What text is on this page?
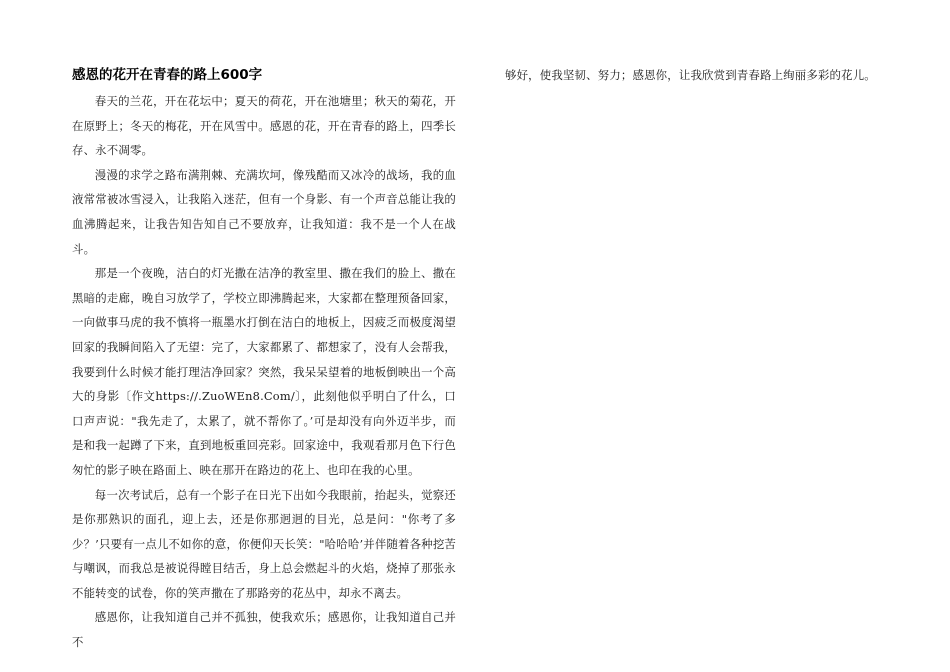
感恩的花开在青春的路上600字

春天的兰花，开在花坛中；夏天的荷花，开在池塘里；秋天的菊花，开在原野上；冬天的梅花，开在风雪中。感恩的花，开在青春的路上，四季长存、永不凋零。

漫漫的求学之路布满荆棘、充满坎坷，像残酷而又冰冷的战场，我的血液常常被冰雪浸入，让我陷入迷茫，但有一个身影、有一个声音总能让我的血沸腾起来，让我告知告知自己不要放弃，让我知道：我不是一个人在战斗。

那是一个夜晚，洁白的灯光撒在洁净的教室里、撒在我们的脸上、撒在黑暗的走廊，晚自习放学了，学校立即沸腾起来，大家都在整理预备回家，一向做事马虎的我不慎将一瓶墨水打倒在洁白的地板上，因疲乏而极度渴望回家的我瞬间陷入了无望：完了，大家都累了、都想家了，没有人会帮我，我要到什么时候才能打理洁净回家？突然，我呆呆望着的地板倒映出一个高大的身影〔作文https://.ZuoWEn8.Com/〕，此刻他似乎明白了什么，口口声声说："我先走了，太累了，就不帮你了。’可是却没有向外迈半步，而是和我一起蹲了下来，直到地板重回亮彩。回家途中，我观看那月色下行色匆忙的影子映在路面上、映在那开在路边的花上、也印在我的心里。

每一次考试后，总有一个影子在日光下出如今我眼前，抬起头，觉察还是你那熟识的面孔，迎上去，还是你那迥迥的目光，总是问："你考了多少？’只要有一点儿不如你的意，你便仰天长笑："哈哈哈’并伴随着各种挖苦与嘲讽，而我总是被说得瞠目结舌，身上总会燃起斗的火焰，烧掉了那张永不能转变的试卷，你的笑声撒在了那路旁的花丛中，却永不离去。

感恩你，让我知道自己并不孤独，使我欢乐；感恩你，让我知道自己并不

够好，使我坚韧、努力；感恩你，让我欣赏到青春路上绚丽多彩的花儿。
